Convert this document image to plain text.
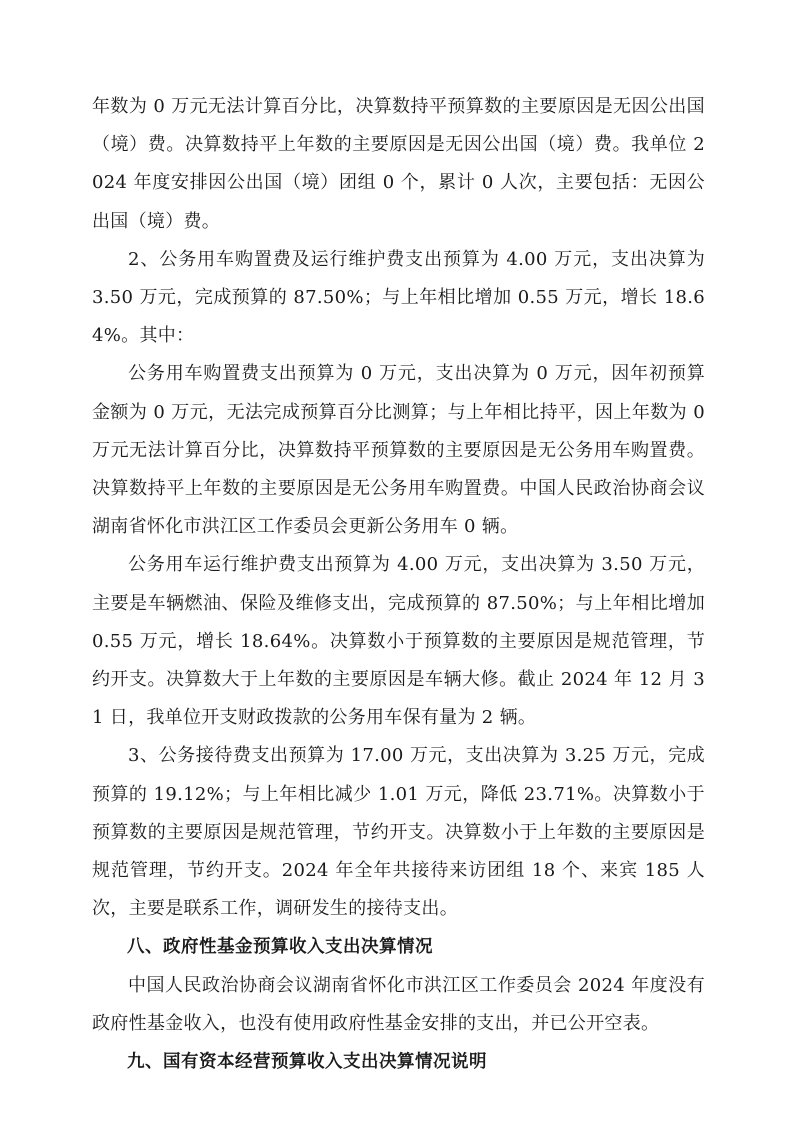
年数为 0 万元无法计算百分比，决算数持平预算数的主要原因是无因公出国（境）费。决算数持平上年数的主要原因是无因公出国（境）费。我单位 2024 年度安排因公出国（境）团组 0 个，累计 0 人次，主要包括：无因公出国（境）费。

2、公务用车购置费及运行维护费支出预算为 4.00 万元，支出决算为 3.50 万元，完成预算的 87.50%；与上年相比增加 0.55 万元，增长 18.64%。其中：

公务用车购置费支出预算为 0 万元，支出决算为 0 万元，因年初预算金额为 0 万元，无法完成预算百分比测算；与上年相比持平，因上年数为 0 万元无法计算百分比，决算数持平预算数的主要原因是无公务用车购置费。决算数持平上年数的主要原因是无公务用车购置费。中国人民政治协商会议湖南省怀化市洪江区工作委员会更新公务用车 0 辆。

公务用车运行维护费支出预算为 4.00 万元，支出决算为 3.50 万元，主要是车辆燃油、保险及维修支出，完成预算的 87.50%；与上年相比增加 0.55 万元，增长 18.64%。决算数小于预算数的主要原因是规范管理，节约开支。决算数大于上年数的主要原因是车辆大修。截止 2024 年 12 月 31 日，我单位开支财政拨款的公务用车保有量为 2 辆。

3、公务接待费支出预算为 17.00 万元，支出决算为 3.25 万元，完成预算的 19.12%；与上年相比减少 1.01 万元，降低 23.71%。决算数小于预算数的主要原因是规范管理，节约开支。决算数小于上年数的主要原因是规范管理，节约开支。2024 年全年共接待来访团组 18 个、来宾 185 人次，主要是联系工作，调研发生的接待支出。

八、政府性基金预算收入支出决算情况

中国人民政治协商会议湖南省怀化市洪江区工作委员会 2024 年度没有政府性基金收入，也没有使用政府性基金安排的支出，并已公开空表。

九、国有资本经营预算收入支出决算情况说明
